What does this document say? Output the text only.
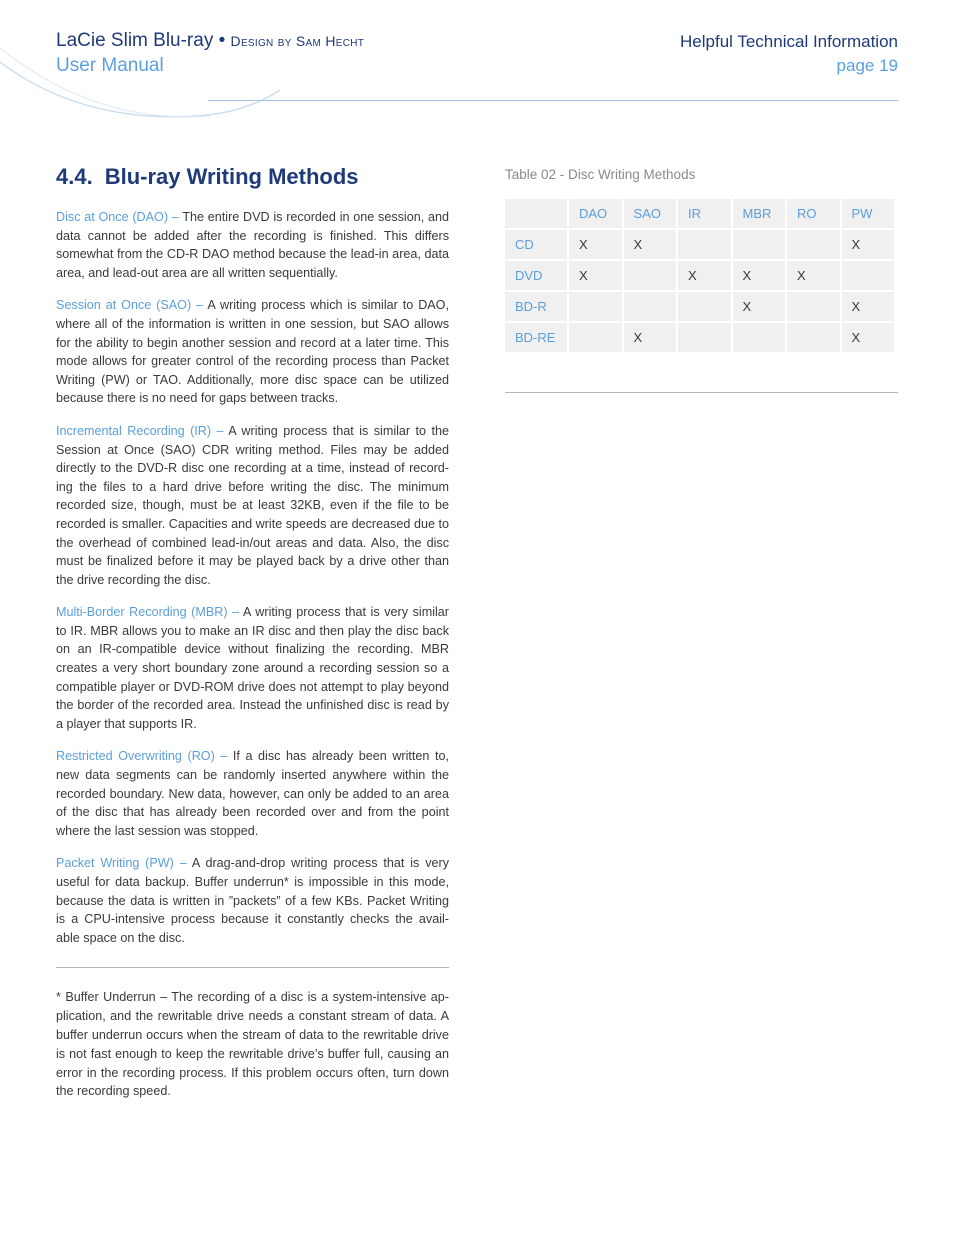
LaCie Slim Blu-ray • Design by Sam Hecht
User Manual
Helpful Technical Information
page 19
4.4. Blu-ray Writing Methods

Disc at Once (DAO) – The entire DVD is recorded in one session, and data cannot be added after the recording is finished. This differs somewhat from the CD-R DAO method because the lead-in area, data area, and lead-out area are all written sequentially.

Session at Once (SAO) – A writing process which is similar to DAO, where all of the information is written in one session, but SAO allows for the ability to begin another session and record at a later time. This mode allows for greater control of the recording process than Packet Writing (PW) or TAO. Additionally, more disc space can be utilized because there is no need for gaps between tracks.

Incremental Recording (IR) – A writing process that is similar to the Session at Once (SAO) CDR writing method. Files may be added directly to the DVD-R disc one recording at a time, instead of record-ing the files to a hard drive before writing the disc. The minimum recorded size, though, must be at least 32KB, even if the file to be recorded is smaller. Capacities and write speeds are decreased due to the overhead of combined lead-in/out areas and data. Also, the disc must be finalized before it may be played back by a drive other than the drive recording the disc.

Multi-Border Recording (MBR) – A writing process that is very similar to IR. MBR allows you to make an IR disc and then play the disc back on an IR-compatible device without finalizing the recording. MBR creates a very short boundary zone around a recording session so a compatible player or DVD-ROM drive does not attempt to play beyond the border of the recorded area. Instead the unfinished disc is read by a player that supports IR.

Restricted Overwriting (RO) – If a disc has already been written to, new data segments can be randomly inserted anywhere within the recorded boundary. New data, however, can only be added to an area of the disc that has already been recorded over and from the point where the last session was stopped.

Packet Writing (PW) – A drag-and-drop writing process that is very useful for data backup. Buffer underrun* is impossible in this mode, because the data is written in ”packets” of a few KBs. Packet Writing is a CPU-intensive process because it constantly checks the avail-able space on the disc.

* Buffer Underrun – The recording of a disc is a system-intensive ap-plication, and the rewritable drive needs a constant stream of data. A buffer underrun occurs when the stream of data to the rewritable drive is not fast enough to keep the rewritable drive’s buffer full, causing an error in the recording process. If this problem occurs often, turn down the recording speed.

Table 02 - Disc Writing Methods
	DAO	SAO	IR	MBR	RO	PW
CD	X	X				X
DVD	X		X	X	X	
BD-R				X		X
BD-RE		X				X
